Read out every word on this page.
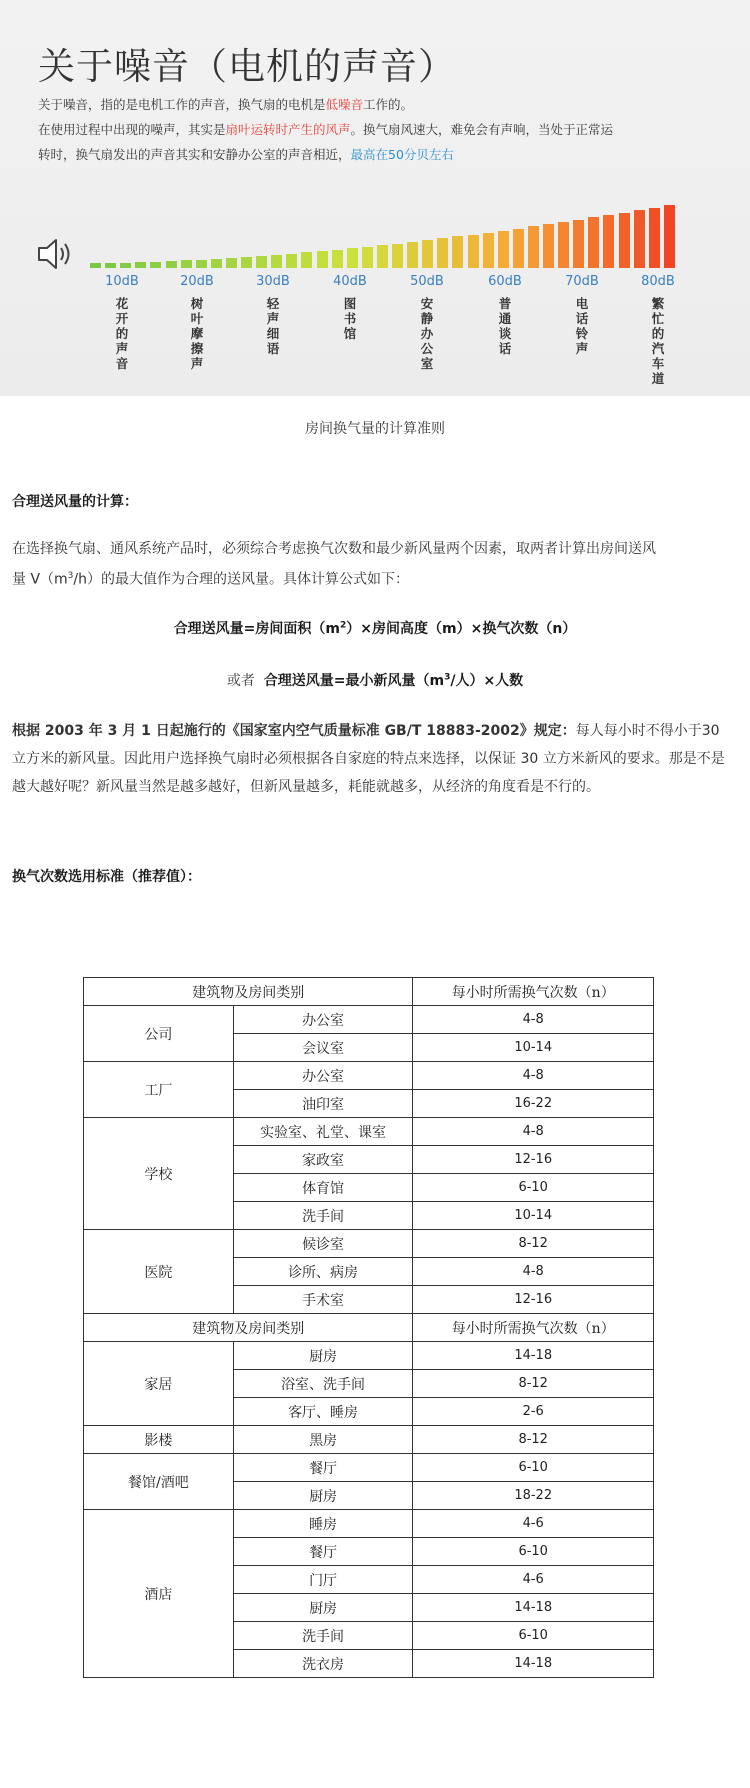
关于噪音（电机的声音）
关于噪音，指的是电机工作的声音，换气扇的电机是低噪音工作的。
在使用过程中出现的噪声，其实是扇叶运转时产生的风声。换气扇风速大，难免会有声响，当处于正常运
转时，换气扇发出的声音其实和安静办公室的声音相近，最高在50分贝左右
10dB
花开的声音
20dB
树叶摩擦声
30dB
轻声细语
40dB
图书馆
50dB
安静办公室
60dB
普通谈话
70dB
电话铃声
80dB
繁忙的汽车道
房间换气量的计算准则
合理送风量的计算：
在选择换气扇、通风系统产品时，必须综合考虑换气次数和最少新风量两个因素，取两者计算出房间送风
量 $V(m^3/h)$的最大值作为合理的送风量。具体计算公式如下：
合理送风量=房间面积$(m^2)\times$房间高度（m）×换气次数（n）
或者 合理送风量=最小新风量（$m^3/$人）×人数
根据 2003 年 3 月 1 日起施行的《国家室内空气质量标准 GB/T 18883-2002》规定：每人每小时不得小于30 立方米的新风量。因此用户选择换气扇时必须根据各自家庭的特点来选择，以保证 30 立方米新风的要求。那是不是越大越好呢？新风量当然是越多越好，但新风量越多，耗能就越多，从经济的角度看是不行的。
换气次数选用标准（推荐值）：
建筑物及房间类别		每小时所需换气次数（n）
公司	办公室	4-8
	会议室	10-14
工厂	办公室	4-8
	油印室	16-22
学校	实验室、礼堂、课室	4-8
	家政室	12-16
	体育馆	6-10
	洗手间	10-14
医院	候诊室	8-12
	诊所、病房	4-8
	手术室	12-16
建筑物及房间类别		每小时所需换气次数（n）
家居	厨房	14-18
	浴室、洗手间	8-12
	客厅、睡房	2-6
影楼	黑房	8-12
餐馆/酒吧	餐厅	6-10
	厨房	18-22
酒店	睡房	4-6
	餐厅	6-10
	门厅	4-6
	厨房	14-18
	洗手间	6-10
	洗衣房	14-18
